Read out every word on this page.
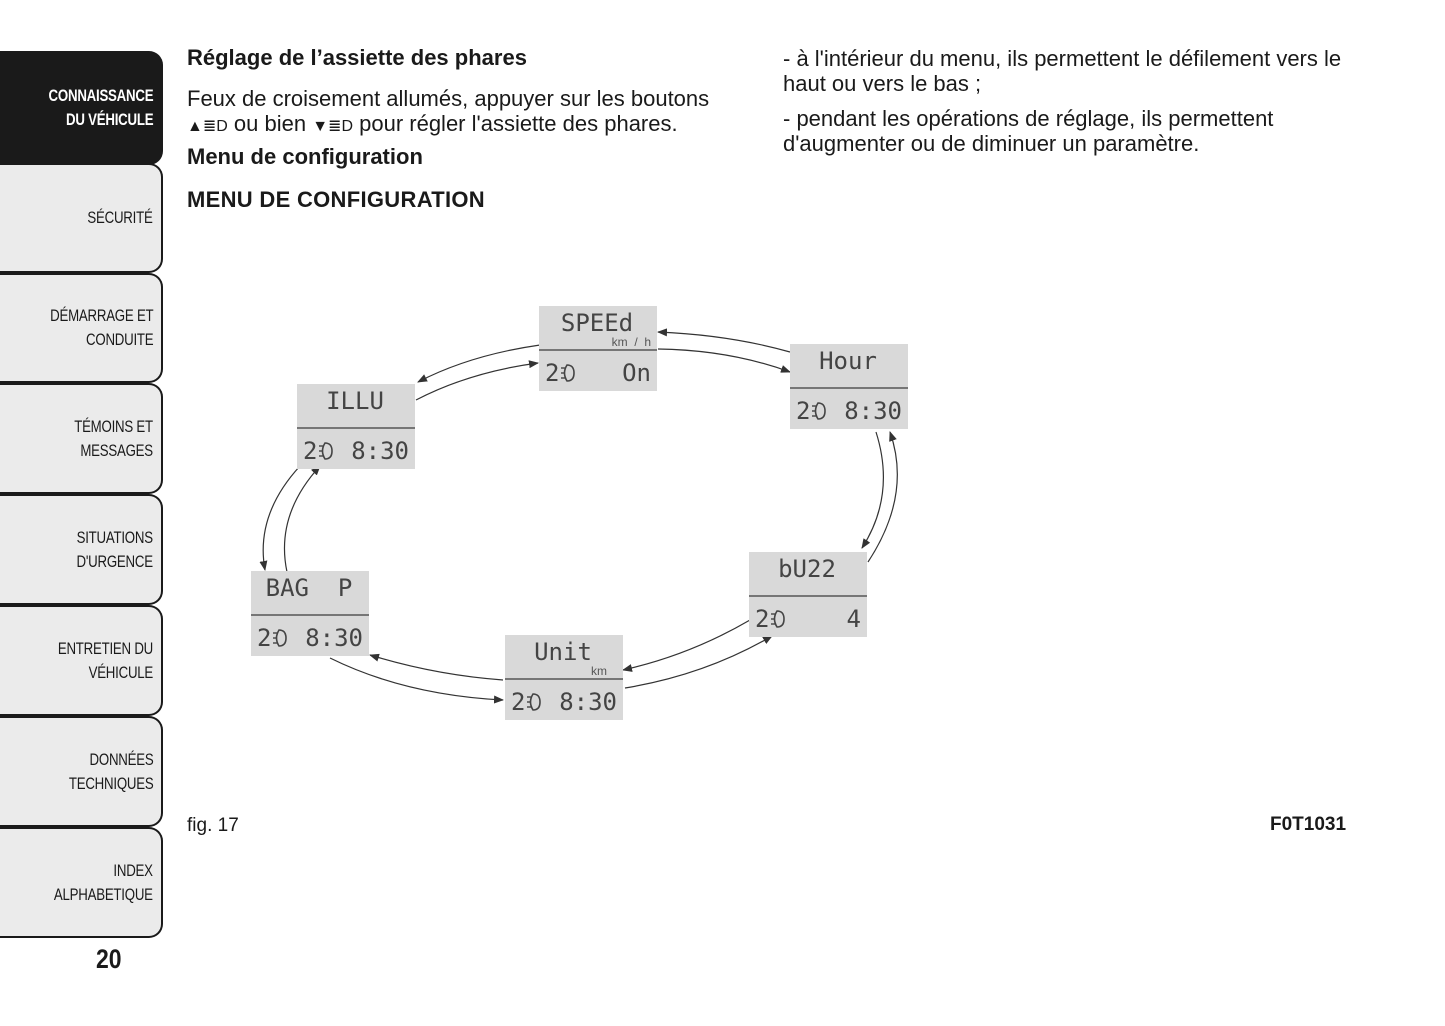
CONNAISSANCE
DU VÉHICULE
SÉCURITÉ
DÉMARRAGE ET
CONDUITE
TÉMOINS ET
MESSAGES
SITUATIONS
D'URGENCE
ENTRETIEN DU
VÉHICULE
DONNÉES
TECHNIQUES
INDEX
ALPHABETIQUE
20
Réglage de l’assiette des phares
Feux de croisement allumés, appuyer sur les boutons
▲≣D ou bien ▼≣D pour régler l'assiette des phares.
Menu de configuration
MENU DE CONFIGURATION
- à l'intérieur du menu, ils permettent le défilement vers le haut ou vers le bas ;
- pendant les opérations de réglage, ils permettent d'augmenter ou de diminuer un paramètre.
SPEEd
km  /  h
2	On	Hour
2 8:30
bU22
2	4
Unit
km
2 8:30
BAG  P
2 8:30
ILLU
2 8:30
fig. 17	F0T1031
